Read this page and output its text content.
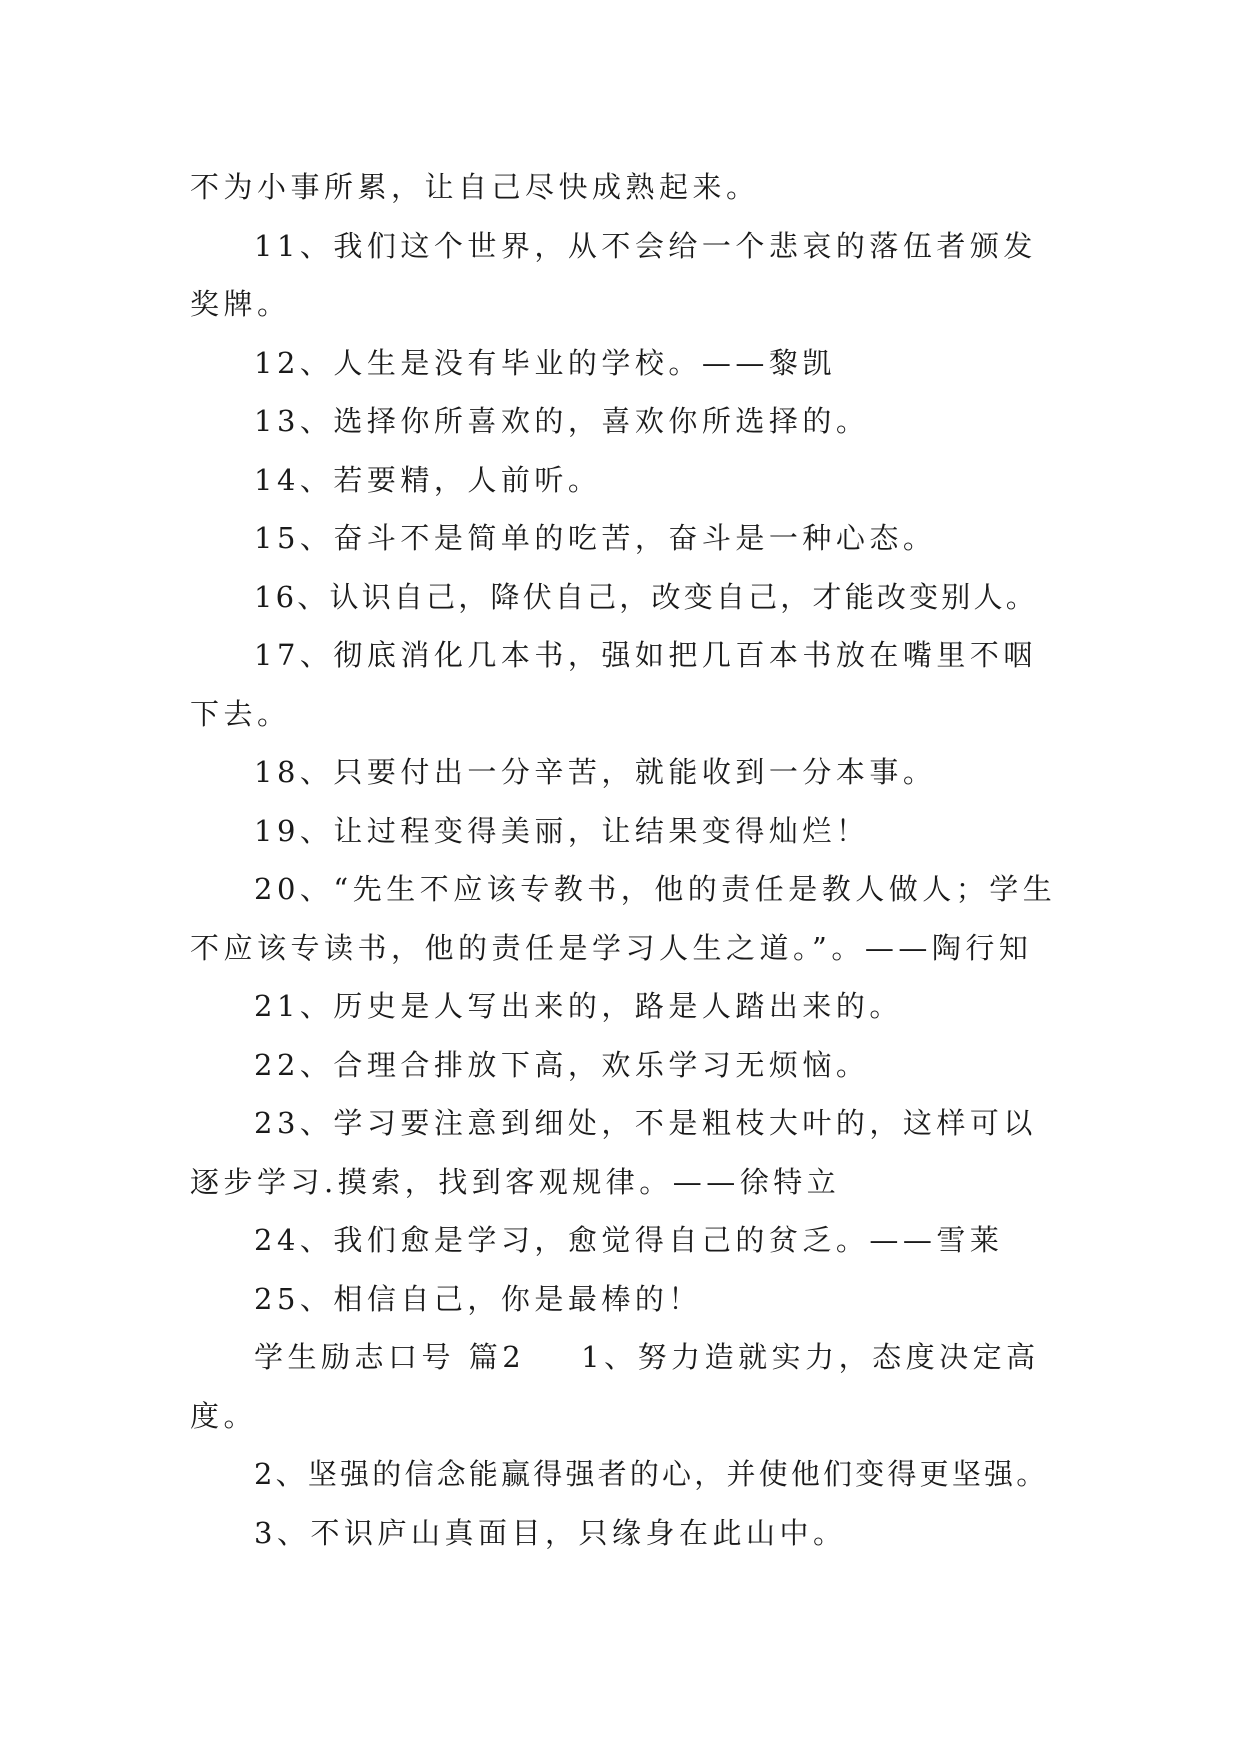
不为小事所累，让自己尽快成熟起来。

11、我们这个世界，从不会给一个悲哀的落伍者颁发奖牌。

12、人生是没有毕业的学校。——黎凯

13、选择你所喜欢的，喜欢你所选择的。

14、若要精，人前听。

15、奋斗不是简单的吃苦，奋斗是一种心态。

16、认识自己，降伏自己，改变自己，才能改变别人。

17、彻底消化几本书，强如把几百本书放在嘴里不咽下去。

18、只要付出一分辛苦，就能收到一分本事。

19、让过程变得美丽，让结果变得灿烂！

20、“先生不应该专教书，他的责任是教人做人；学生不应该专读书，他的责任是学习人生之道。”。——陶行知

21、历史是人写出来的，路是人踏出来的。

22、合理合排放下高，欢乐学习无烦恼。

23、学习要注意到细处，不是粗枝大叶的，这样可以逐步学习.摸索，找到客观规律。——徐特立

24、我们愈是学习，愈觉得自己的贫乏。——雪莱

25、相信自己，你是最棒的！

学生励志口号 篇2 1、努力造就实力，态度决定高度。

2、坚强的信念能赢得强者的心，并使他们变得更坚强。

3、不识庐山真面目，只缘身在此山中。
